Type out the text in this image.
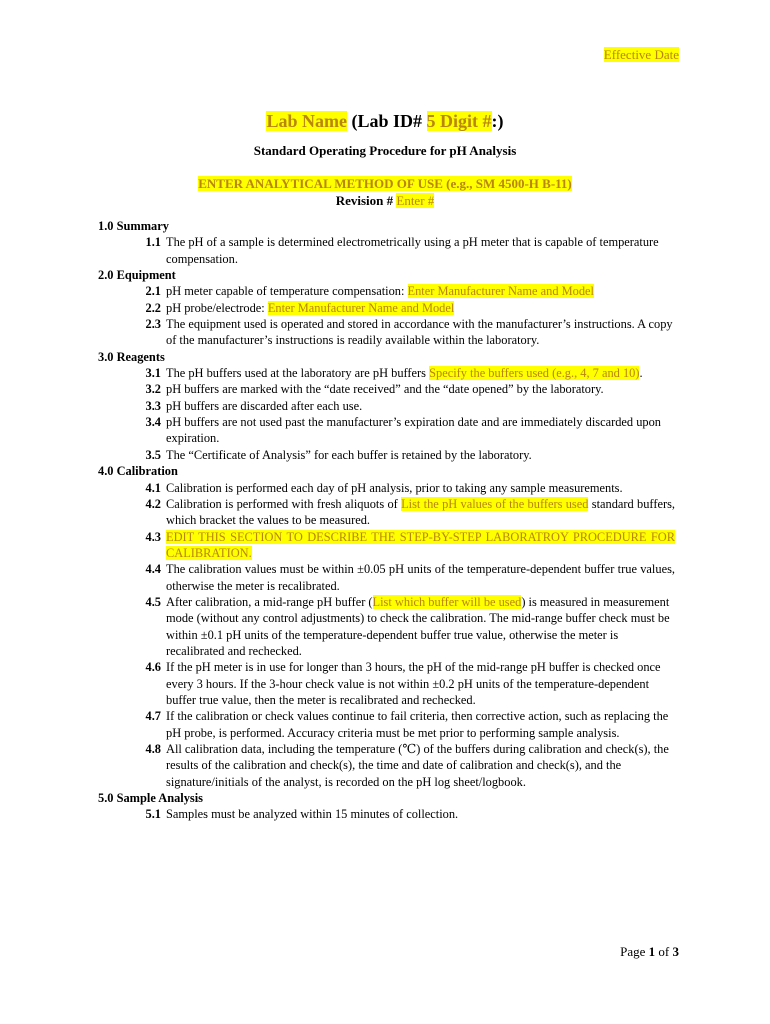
Effective Date
Lab Name (Lab ID# 5 Digit #:)
Standard Operating Procedure for pH Analysis
ENTER ANALYTICAL METHOD OF USE (e.g., SM 4500-H B-11)
Revision # Enter #
1.0 Summary
1.1 The pH of a sample is determined electrometrically using a pH meter that is capable of temperature compensation.
2.0 Equipment
2.1 pH meter capable of temperature compensation: Enter Manufacturer Name and Model
2.2 pH probe/electrode: Enter Manufacturer Name and Model
2.3 The equipment used is operated and stored in accordance with the manufacturer’s instructions. A copy of the manufacturer’s instructions is readily available within the laboratory.
3.0 Reagents
3.1 The pH buffers used at the laboratory are pH buffers Specify the buffers used (e.g., 4, 7 and 10).
3.2 pH buffers are marked with the “date received” and the “date opened” by the laboratory.
3.3 pH buffers are discarded after each use.
3.4 pH buffers are not used past the manufacturer’s expiration date and are immediately discarded upon expiration.
3.5 The “Certificate of Analysis” for each buffer is retained by the laboratory.
4.0 Calibration
4.1 Calibration is performed each day of pH analysis, prior to taking any sample measurements.
4.2 Calibration is performed with fresh aliquots of List the pH values of the buffers used standard buffers, which bracket the values to be measured.
4.3 EDIT THIS SECTION TO DESCRIBE THE STEP-BY-STEP LABORATROY PROCEDURE FOR CALIBRATION.
4.4 The calibration values must be within ±0.05 pH units of the temperature-dependent buffer true values, otherwise the meter is recalibrated.
4.5 After calibration, a mid-range pH buffer (List which buffer will be used) is measured in measurement mode (without any control adjustments) to check the calibration. The mid-range buffer check must be within ±0.1 pH units of the temperature-dependent buffer true value, otherwise the meter is recalibrated and rechecked.
4.6 If the pH meter is in use for longer than 3 hours, the pH of the mid-range pH buffer is checked once every 3 hours. If the 3-hour check value is not within ±0.2 pH units of the temperature-dependent buffer true value, then the meter is recalibrated and rechecked.
4.7 If the calibration or check values continue to fail criteria, then corrective action, such as replacing the pH probe, is performed. Accuracy criteria must be met prior to performing sample analysis.
4.8 All calibration data, including the temperature (℃) of the buffers during calibration and check(s), the results of the calibration and check(s), the time and date of calibration and check(s), and the signature/initials of the analyst, is recorded on the pH log sheet/logbook.
5.0 Sample Analysis
5.1 Samples must be analyzed within 15 minutes of collection.
Page 1 of 3
